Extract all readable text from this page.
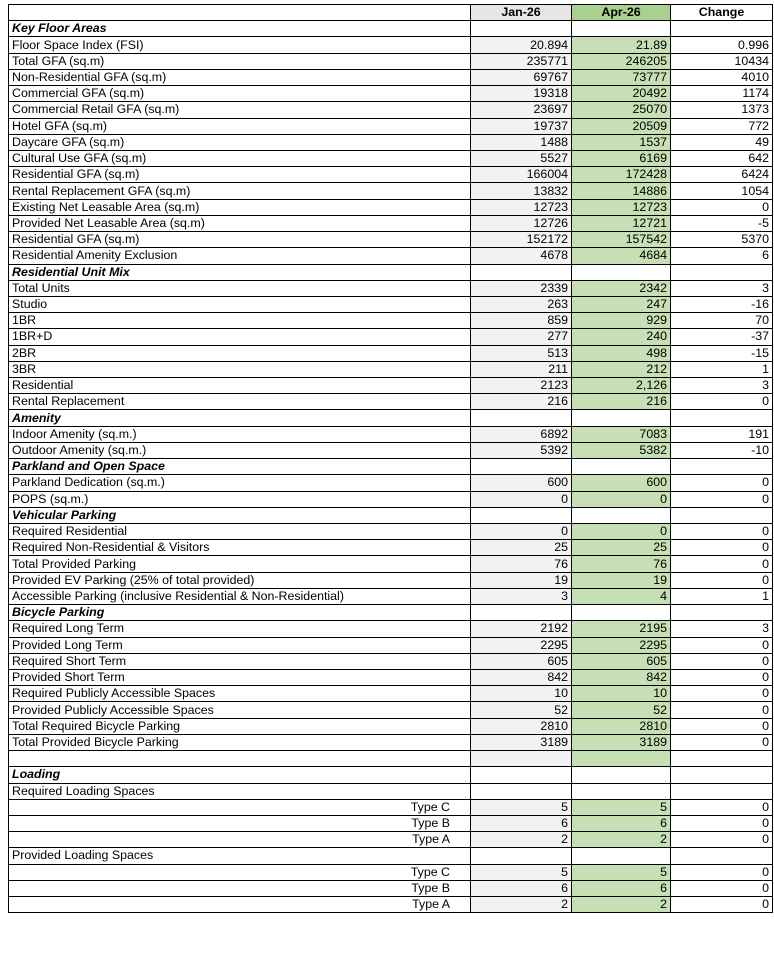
	Jan-26	Apr-26	Change
Key Floor Areas			
Floor Space Index (FSI)	20.894	21.89	0.996
Total GFA (sq.m)	235771	246205	10434
Non-Residential GFA (sq.m)	69767	73777	4010
Commercial GFA (sq.m)	19318	20492	1174
Commercial Retail GFA (sq.m)	23697	25070	1373
Hotel GFA (sq.m)	19737	20509	772
Daycare GFA (sq.m)	1488	1537	49
Cultural Use GFA (sq.m)	5527	6169	642
Residential GFA (sq.m)	166004	172428	6424
Rental Replacement GFA (sq.m)	13832	14886	1054
Existing Net Leasable Area (sq.m)	12723	12723	0
Provided Net Leasable Area (sq.m)	12726	12721	-5
Residential GFA (sq.m)	152172	157542	5370
Residential Amenity Exclusion	4678	4684	6
Residential Unit Mix			
Total Units	2339	2342	3
Studio	263	247	-16
1BR	859	929	70
1BR+D	277	240	-37
2BR	513	498	-15
3BR	211	212	1
Residential	2123	2,126	3
Rental Replacement	216	216	0
Amenity			
Indoor Amenity (sq.m.)	6892	7083	191
Outdoor Amenity (sq.m.)	5392	5382	-10
Parkland and Open Space			
Parkland Dedication (sq.m.)	600	600	0
POPS (sq.m.)	0	0	0
Vehicular Parking			
Required Residential	0	0	0
Required Non-Residential & Visitors	25	25	0
Total Provided Parking	76	76	0
Provided EV Parking (25% of total provided)	19	19	0
Accessible Parking (inclusive Residential & Non-Residential)	3	4	1
Bicycle Parking			
Required Long Term	2192	2195	3
Provided Long Term	2295	2295	0
Required Short Term	605	605	0
Provided Short Term	842	842	0
Required Publicly Accessible Spaces	10	10	0
Provided Publicly Accessible Spaces	52	52	0
Total Required Bicycle Parking	2810	2810	0
Total Provided Bicycle Parking	3189	3189	0

Loading			
Required Loading Spaces			
Type C	5	5	0
Type B	6	6	0
Type A	2	2	0
Provided Loading Spaces			
Type C	5	5	0
Type B	6	6	0
Type A	2	2	0
